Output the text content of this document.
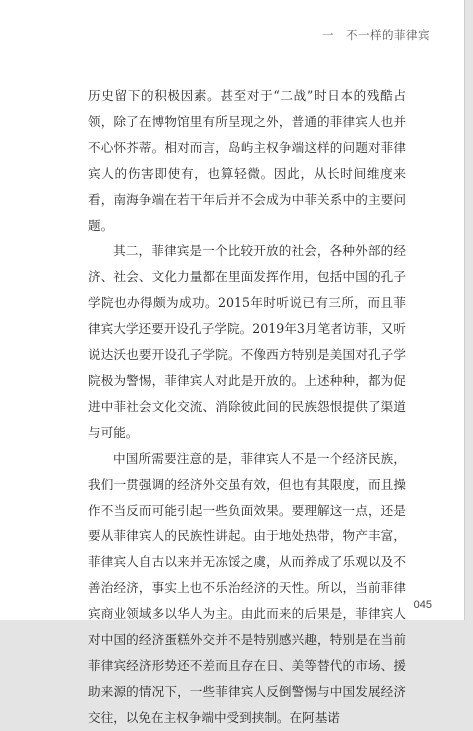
一　不一样的菲律宾

历史留下的积极因素。甚至对于“二战”时日本的残酷占领，除了在博物馆里有所呈现之外，普通的菲律宾人也并不心怀芥蒂。相对而言，岛屿主权争端这样的问题对菲律宾人的伤害即使有，也算轻微。因此，从长时间维度来看，南海争端在若干年后并不会成为中菲关系中的主要问题。

其二，菲律宾是一个比较开放的社会，各种外部的经济、社会、文化力量都在里面发挥作用，包括中国的孔子学院也办得颇为成功。2015年时听说已有三所，而且菲律宾大学还要开设孔子学院。2019年3月笔者访菲，又听说达沃也要开设孔子学院。不像西方特别是美国对孔子学院极为警惕，菲律宾人对此是开放的。上述种种，都为促进中菲社会文化交流、消除彼此间的民族怨恨提供了渠道与可能。

中国所需要注意的是，菲律宾人不是一个经济民族，我们一贯强调的经济外交虽有效，但也有其限度，而且操作不当反而可能引起一些负面效果。要理解这一点，还是要从菲律宾人的民族性讲起。由于地处热带，物产丰富，菲律宾人自古以来并无冻馁之虞，从而养成了乐观以及不善治经济，事实上也不乐治经济的天性。所以，当前菲律宾商业领域多以华人为主。由此而来的后果是，菲律宾人对中国的经济蛋糕外交并不是特别感兴趣，特别是在当前菲律宾经济形势还不差而且存在日、美等替代的市场、援助来源的情况下，一些菲律宾人反倒警惕与中国发展经济交往，以免在主权争端中受到挟制。在阿基诺

045
